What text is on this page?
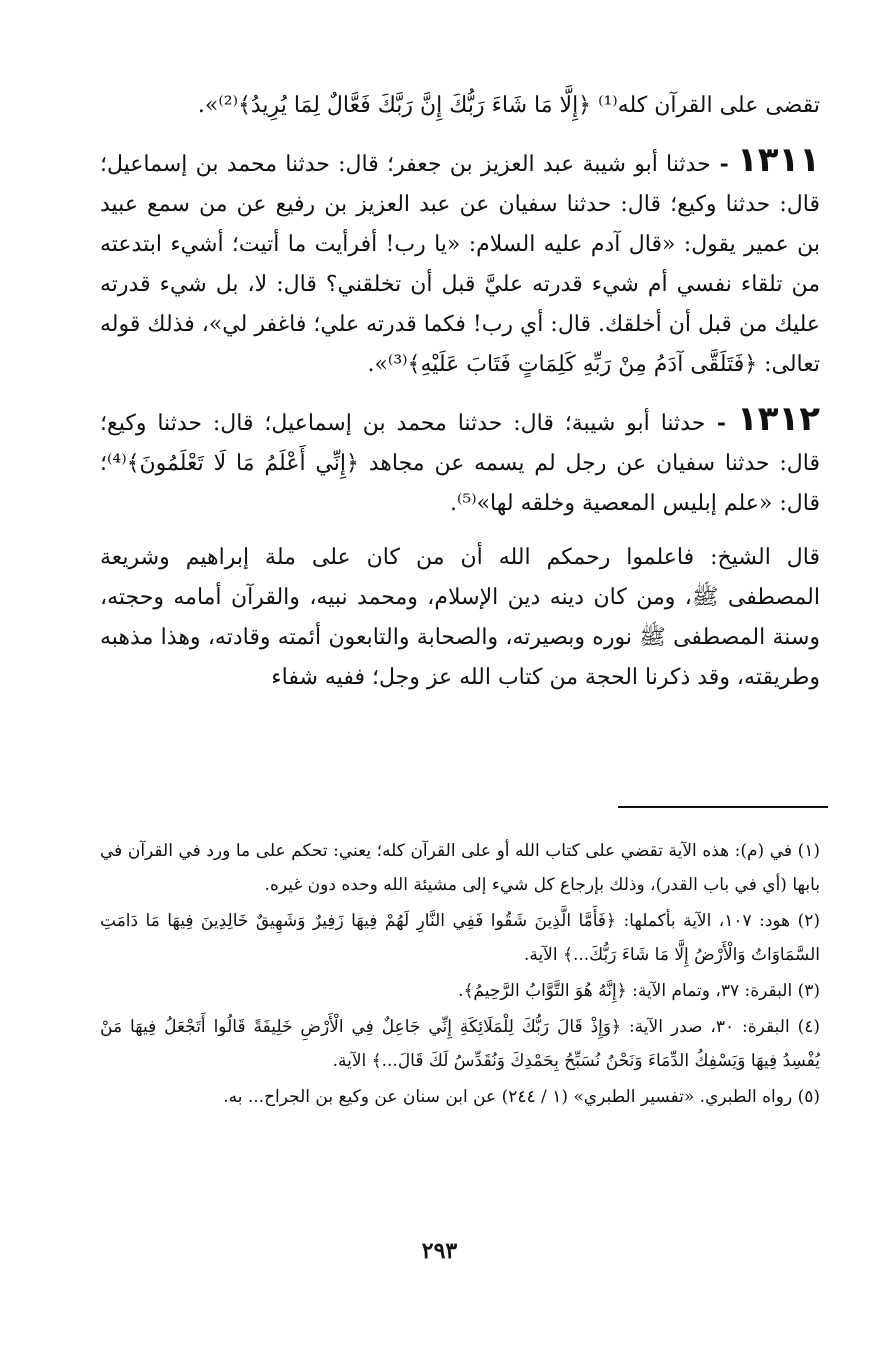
تقضى على القرآن كله⁽¹⁾ ﴿إِلَّا مَا شَاءَ رَبُّكَ إِنَّ رَبَّكَ فَعَّالٌ لِمَا يُرِيدُ﴾⁽²⁾».

١٣١١ - حدثنا أبو شيبة عبد العزيز بن جعفر؛ قال: حدثنا محمد بن إسماعيل؛ قال: حدثنا وكيع؛ قال: حدثنا سفيان عن عبد العزيز بن رفيع عن من سمع عبيد بن عمير يقول: «قال آدم عليه السلام: «يا رب! أفرأيت ما أتيت؛ أشيء ابتدعته من تلقاء نفسي أم شيء قدرته عليَّ قبل أن تخلقني؟ قال: لا، بل شيء قدرته عليك من قبل أن أخلقك. قال: أي رب! فكما قدرته علي؛ فاغفر لي»، فذلك قوله تعالى: ﴿فَتَلَقَّى آدَمُ مِنْ رَبِّهِ كَلِمَاتٍ فَتَابَ عَلَيْهِ﴾⁽³⁾».

١٣١٢ - حدثنا أبو شيبة؛ قال: حدثنا محمد بن إسماعيل؛ قال: حدثنا وكيع؛ قال: حدثنا سفيان عن رجل لم يسمه عن مجاهد ﴿إِنِّي أَعْلَمُ مَا لَا تَعْلَمُونَ﴾⁽⁴⁾؛ قال: «علم إبليس المعصية وخلقه لها»⁽⁵⁾.

قال الشيخ: فاعلموا رحمكم الله أن من كان على ملة إبراهيم وشريعة المصطفى ﷺ، ومن كان دينه دين الإسلام، ومحمد نبيه، والقرآن أمامه وحجته، وسنة المصطفى ﷺ نوره وبصيرته، والصحابة والتابعون أئمته وقادته، وهذا مذهبه وطريقته، وقد ذكرنا الحجة من كتاب الله عز وجل؛ ففيه شفاء

(١) في (م): هذه الآية تقضي على كتاب الله أو على القرآن كله؛ يعني: تحكم على ما ورد في القرآن في بابها (أي في باب القدر)، وذلك بإرجاع كل شيء إلى مشيئة الله وحده دون غيره.

(٢) هود: ١٠٧، الآية بأكملها: ﴿فَأَمَّا الَّذِينَ شَقُوا فَفِي النَّارِ لَهُمْ فِيهَا زَفِيرٌ وَشَهِيقٌ خَالِدِينَ فِيهَا مَا دَامَتِ السَّمَاوَاتُ وَالْأَرْضُ إِلَّا مَا شَاءَ رَبُّكَ...﴾ الآية.

(٣) البقرة: ٣٧، وتمام الآية: ﴿إِنَّهُ هُوَ التَّوَّابُ الرَّحِيمُ﴾.

(٤) البقرة: ٣٠، صدر الآية: ﴿وَإِذْ قَالَ رَبُّكَ لِلْمَلَائِكَةِ إِنِّي جَاعِلٌ فِي الْأَرْضِ خَلِيفَةً قَالُوا أَتَجْعَلُ فِيهَا مَنْ يُفْسِدُ فِيهَا وَيَسْفِكُ الدِّمَاءَ وَنَحْنُ نُسَبِّحُ بِحَمْدِكَ وَنُقَدِّسُ لَكَ قَالَ...﴾ الآية.

(٥) رواه الطبري. «تفسير الطبري» (١ / ٢٤٤) عن ابن سنان عن وكيع بن الجراح... به.

٢٩٣
